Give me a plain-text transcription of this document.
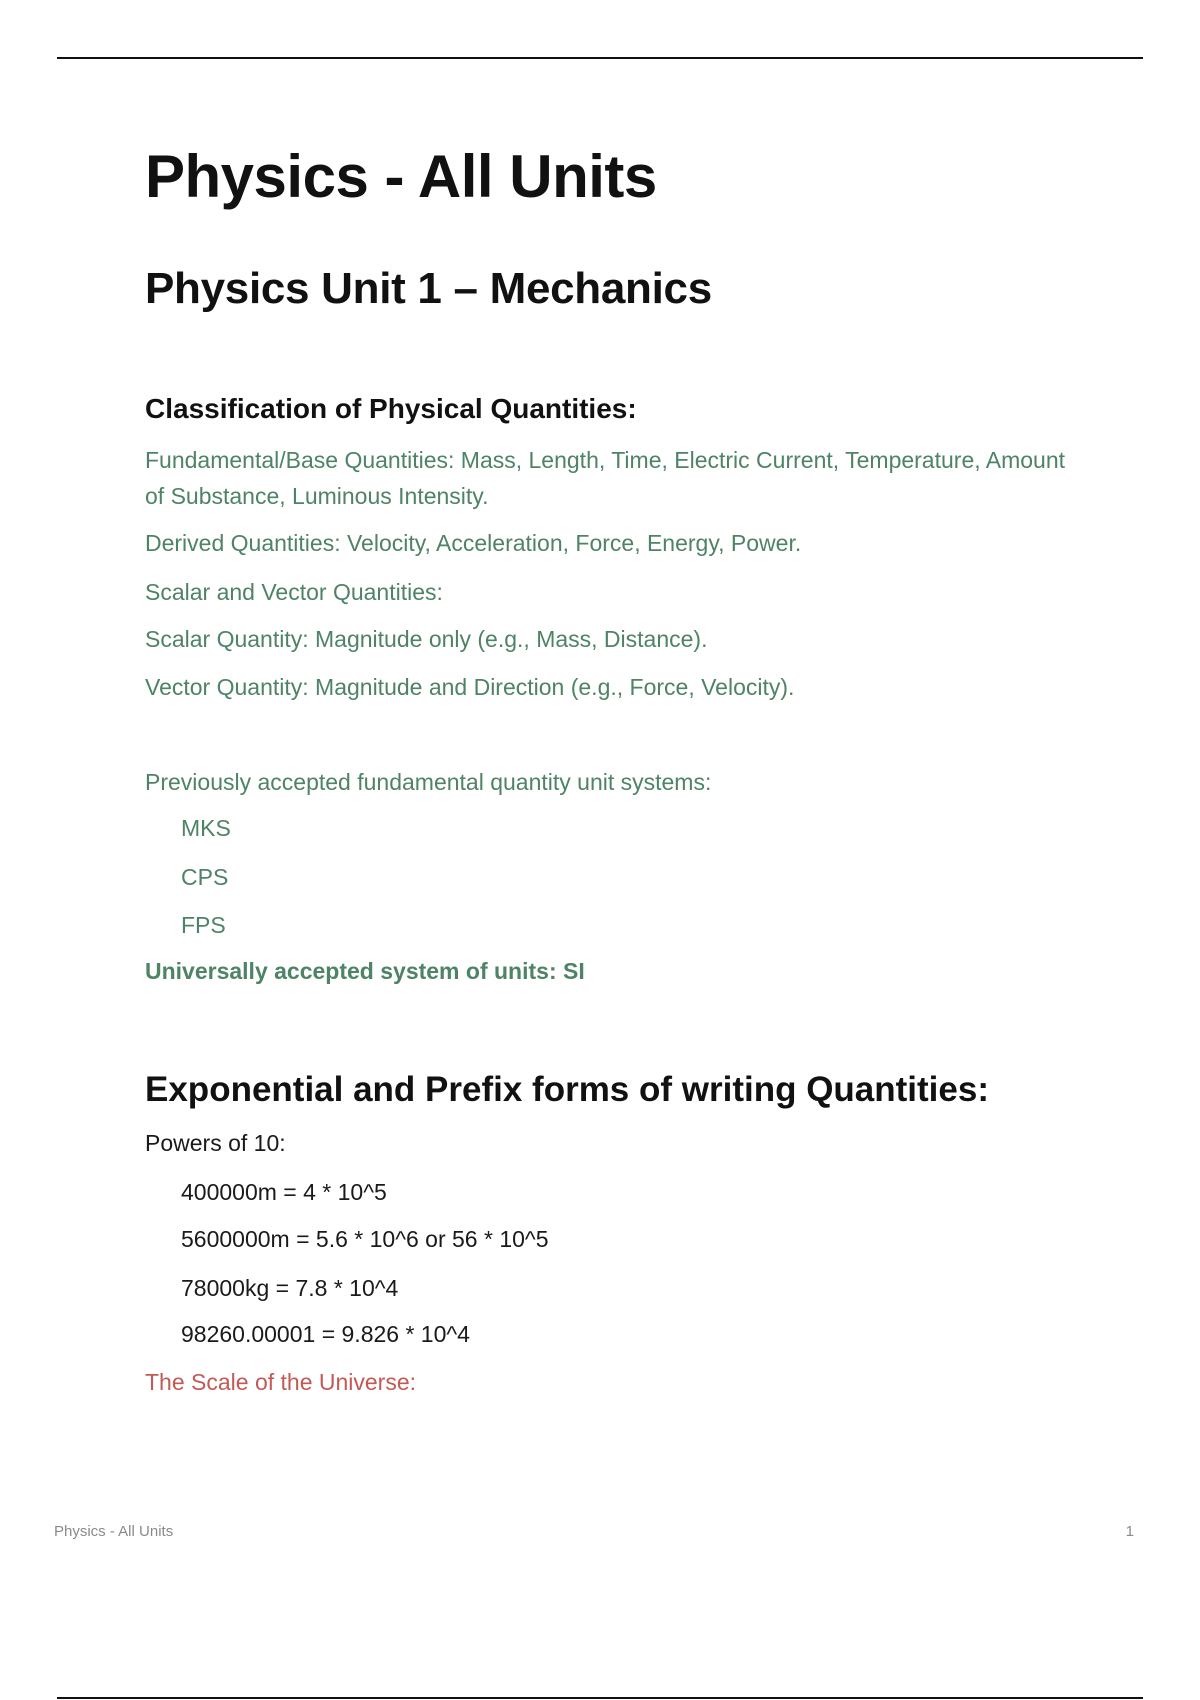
Physics - All Units
Physics Unit 1 – Mechanics
Classification of Physical Quantities:

Fundamental/Base Quantities: Mass, Length, Time, Electric Current, Temperature, Amount of Substance, Luminous Intensity.

Derived Quantities: Velocity, Acceleration, Force, Energy, Power.

Scalar and Vector Quantities:

Scalar Quantity: Magnitude only (e.g., Mass, Distance).

Vector Quantity: Magnitude and Direction (e.g., Force, Velocity).

Previously accepted fundamental quantity unit systems:

MKS

CPS

FPS

Universally accepted system of units: SI

Exponential and Prefix forms of writing Quantities:

Powers of 10:

400000m = 4 * 10^5

5600000m = 5.6 * 10^6 or 56 * 10^5

78000kg = 7.8 * 10^4

98260.00001 = 9.826 * 10^4

The Scale of the Universe:

Physics - All Units	1
